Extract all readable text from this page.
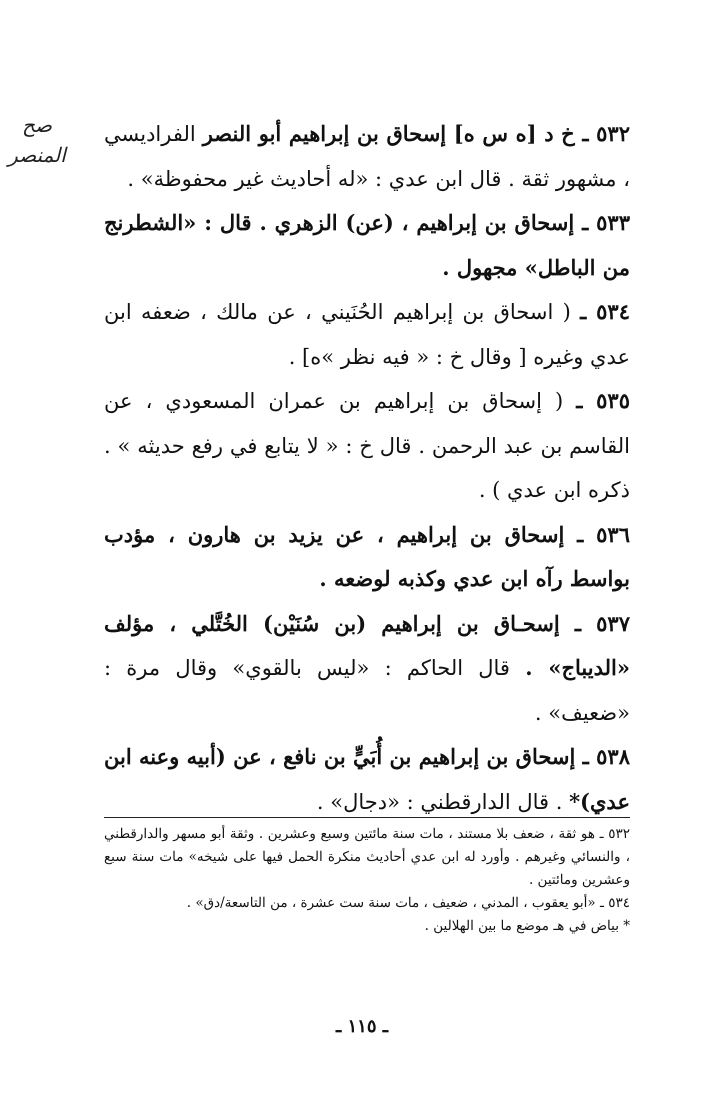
صح
المنصر

٥٣٢ ـ خ د [ه س ه] إسحاق بن إبراهيم أبو النصر الفراديسي ، مشهور ثقة . قال ابن عدي : «له أحاديث غير محفوظة» .

٥٣٣ ـ إسحاق بن إبراهيم ، (عن) الزهري . قال : «الشطرنج من الباطل» مجهول .

٥٣٤ ـ ( اسحاق بن إبراهيم الحُنَيني ، عن مالك ، ضعفه ابن عدي وغيره [ وقال خ : « فيه نظر »ه] .

٥٣٥ ـ ( إسحاق بن إبراهيم بن عمران المسعودي ، عن القاسم بن عبد الرحمن . قال خ : « لا يتابع في رفع حديثه » . ذكره ابن عدي ) .

٥٣٦ ـ إسحاق بن إبراهيم ، عن يزيد بن هارون ، مؤدب بواسط رآه ابن عدي وكذبه لوضعه .

٥٣٧ ـ إسحـاق بن إبراهيم (بن سُنَيْن) الخُتَّلي ، مؤلف «الديباج» . قال الحاكم : «ليس بالقوي» وقال مرة : «ضعيف» .

٥٣٨ ـ إسحاق بن إبراهيم بن أُبَيٍّ بن نافع ، عن (أبيه وعنه ابن عدي)* . قال الدارقطني : «دجال» .

٥٣٢ ـ هو ثقة ، ضعف بلا مستند ، مات سنة مائتين وسبع وعشرين . وثقة أبو مسهر والدارقطني ، والنسائي وغيرهم . وأورد له ابن عدي أحاديث منكرة الحمل فيها على شيخه» مات سنة سبع وعشرين ومائتين .

٥٣٤ ـ «أبو يعقوب ، المدني ، ضعيف ، مات سنة ست عشرة ، من التاسعة/دق» .

* بياض في هـ موضع ما بين الهلالين .

ـ ١١٥ ـ
